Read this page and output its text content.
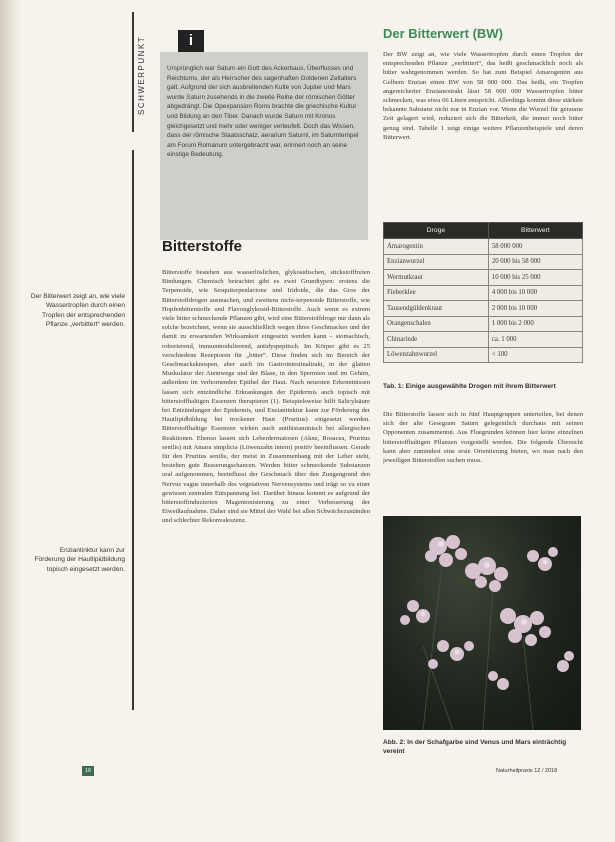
SCHWERPUNKT
Der Bitterwert zeigt an, wie viele Wassertropfen durch einen Tropfen der entsprechenden Pflanze „verbittert“ werden.
Enziantinktur kann zur Förderung der Hautlipidbildung topisch eingesetzt werden.
i
Ursprünglich war Saturn ein Gott des Ackerbaus, Überflusses und Reichtums, der als Herrscher des sagenhaften Goldenen Zeitalters galt. Aufgrund der sich ausbreitenden Kulte von Jupiter und Mars wurde Saturn zusehends in die zweite Reihe der römischen Götter abgedrängt. Die Opexpansion Roms brachte die griechische Kultur und Bildung an den Tiber. Danach wurde Saturn mit Kronos gleichgesetzt und mehr oder weniger verteufelt. Doch das Wissen, dass der römische Staatsschatz, aerarium Saturni, im Saturntempel am Forum Romanum untergebracht war, erinnert noch an seine einstige Bedeutung.
Bitterstoffe
Bitterstoffe bestehen aus wasserlöslichen, glykosidischen, stickstofffreien Bindungen. Chemisch betrachtet gibt es zwei Grundtypen: erstens die Terpenoide, wie Sesquiterpenlactone und Iridoide, die das Gros der Bitterstoffdrogen ausmachen, und zweitens nicht-terpenoide Bitterstoffe, wie Hopfenbitterstoffe und Flavonglykosid-Bitterstoffe. Auch wenn es extrem viele bitter schmeckende Pflanzen gibt, wird eine Bitterstoffdroge nur dann als solche bezeichnet, wenn sie ausschließlich wegen ihres Geschmackes und der damit zu erwartenden Wirksamkeit eingesetzt werden kann – stomachisch, roborierend, immunmodulierend, antidyspeptisch. Im Körper gibt es 25 verschiedene Rezeptoren für „bitter“. Diese finden sich im Bereich der Geschmacksknospen, aber auch im Gastrointestinaltrakt, in der glatten Muskulatur der Atemwege und der Blase, in den Spermien und im Gehirn, außerdem im verhornenden Epithel der Haut. Nach neuesten Erkenntnissen lassen sich entzündliche Erkrankungen der Epidermis auch topisch mit bitterstoffhaltigen Essenzen therapieren (1). Beispielsweise hilft Salicylsäure bei Entzündungen der Epidermis, und Enziantinktur kann zur Förderung der Hautlipidbildung bei trockener Haut (Pruritus) eingesetzt werden. Bitterstoffhaltige Essenzen wirken auch antihistaminisch bei allergischen Reaktionen. Ebenso lassen sich Leberdermatosen (Akne, Rosacea, Pruritus senilis) mit Amara simplicia (Löwenzahn intern) positiv beeinflussen. Gerade für den Pruritus senilis, der meist in Zusammenhang mit der Leber steht, bestehen gute Besserungschancen. Werden bitter schmeckende Substanzen oral aufgenommen, beeinflusst der Geschmack über den Zungengrund den Nervus vagus innerhalb des vegetativen Nervensystems und trägt so zu einer gewissen zentralen Entspannung bei. Darüber hinaus kommt es aufgrund der bitterstoffinduzierten Magentonisierung zu einer Verbesserung der Eiweißaufnahme. Daher sind sie Mittel der Wahl bei allen Schwächezuständen und schlechter Rekonvaleszenz.
Der Bitterwert (BW)
Der BW zeigt an, wie viele Wassertropfen durch einen Tropfen der entsprechenden Pflanze „verbittert“, das heißt geschmacklich noch als bitter wahrgenommen werden. So hat zum Beispiel Amarogentin aus Gelbem Enzian einen BW von 58 000 000. Das heißt, ein Tropfen angereicherter Enzianextrakt lässt 58 000 000 Wassertropfen bitter schmecken, was etwa 66 Litern entspricht. Allerdings kommt diese stärkste bekannte Substanz nicht nur in Enzian vor. Wenn die Wurzel für geraume Zeit gelagert wird, reduziert sich die Bitterkeit, die immer noch bitter genug sind. Tabelle 1 zeigt einige weitere Pflanzenbeispiele und deren Bitterwert.
Droge	Bitterwert
Amarogentin	58 000 000
Enzianwurzel	20 000 bis 58 000
Wermutkraut	10 000 bis 25 000
Fieberklee	4 000 bis 10 000
Tausendgüldenkraut	2 000 bis 10 000
Orangenschalen	1 000 bis 2 000
Chinarinde	ca. 1 000
Löwenzahnwurzel	< 100
Tab. 1: Einige ausgewählte Drogen mit ihrem Bitterwert
Die Bitterstoffe lassen sich in fünf Hauptgruppen unterteilen, bei denen sich der alte Gesegram Saturn gelegentlich durchaus mit seinen Opponenten zusammentut. Aus Fluegrunden können hier keine einzelnen bitterstoffhaltigen Pflanzen vorgestellt werden. Die folgende Übersicht kann aber zumindest eine erste Orientierung bieten, wo man nach den jeweiligen Bitterstoffen suchen muss.
Abb. 2: In der Schafgarbe sind Venus und Mars einträchtig vereint
16	Naturheilpraxis 12 / 2018
